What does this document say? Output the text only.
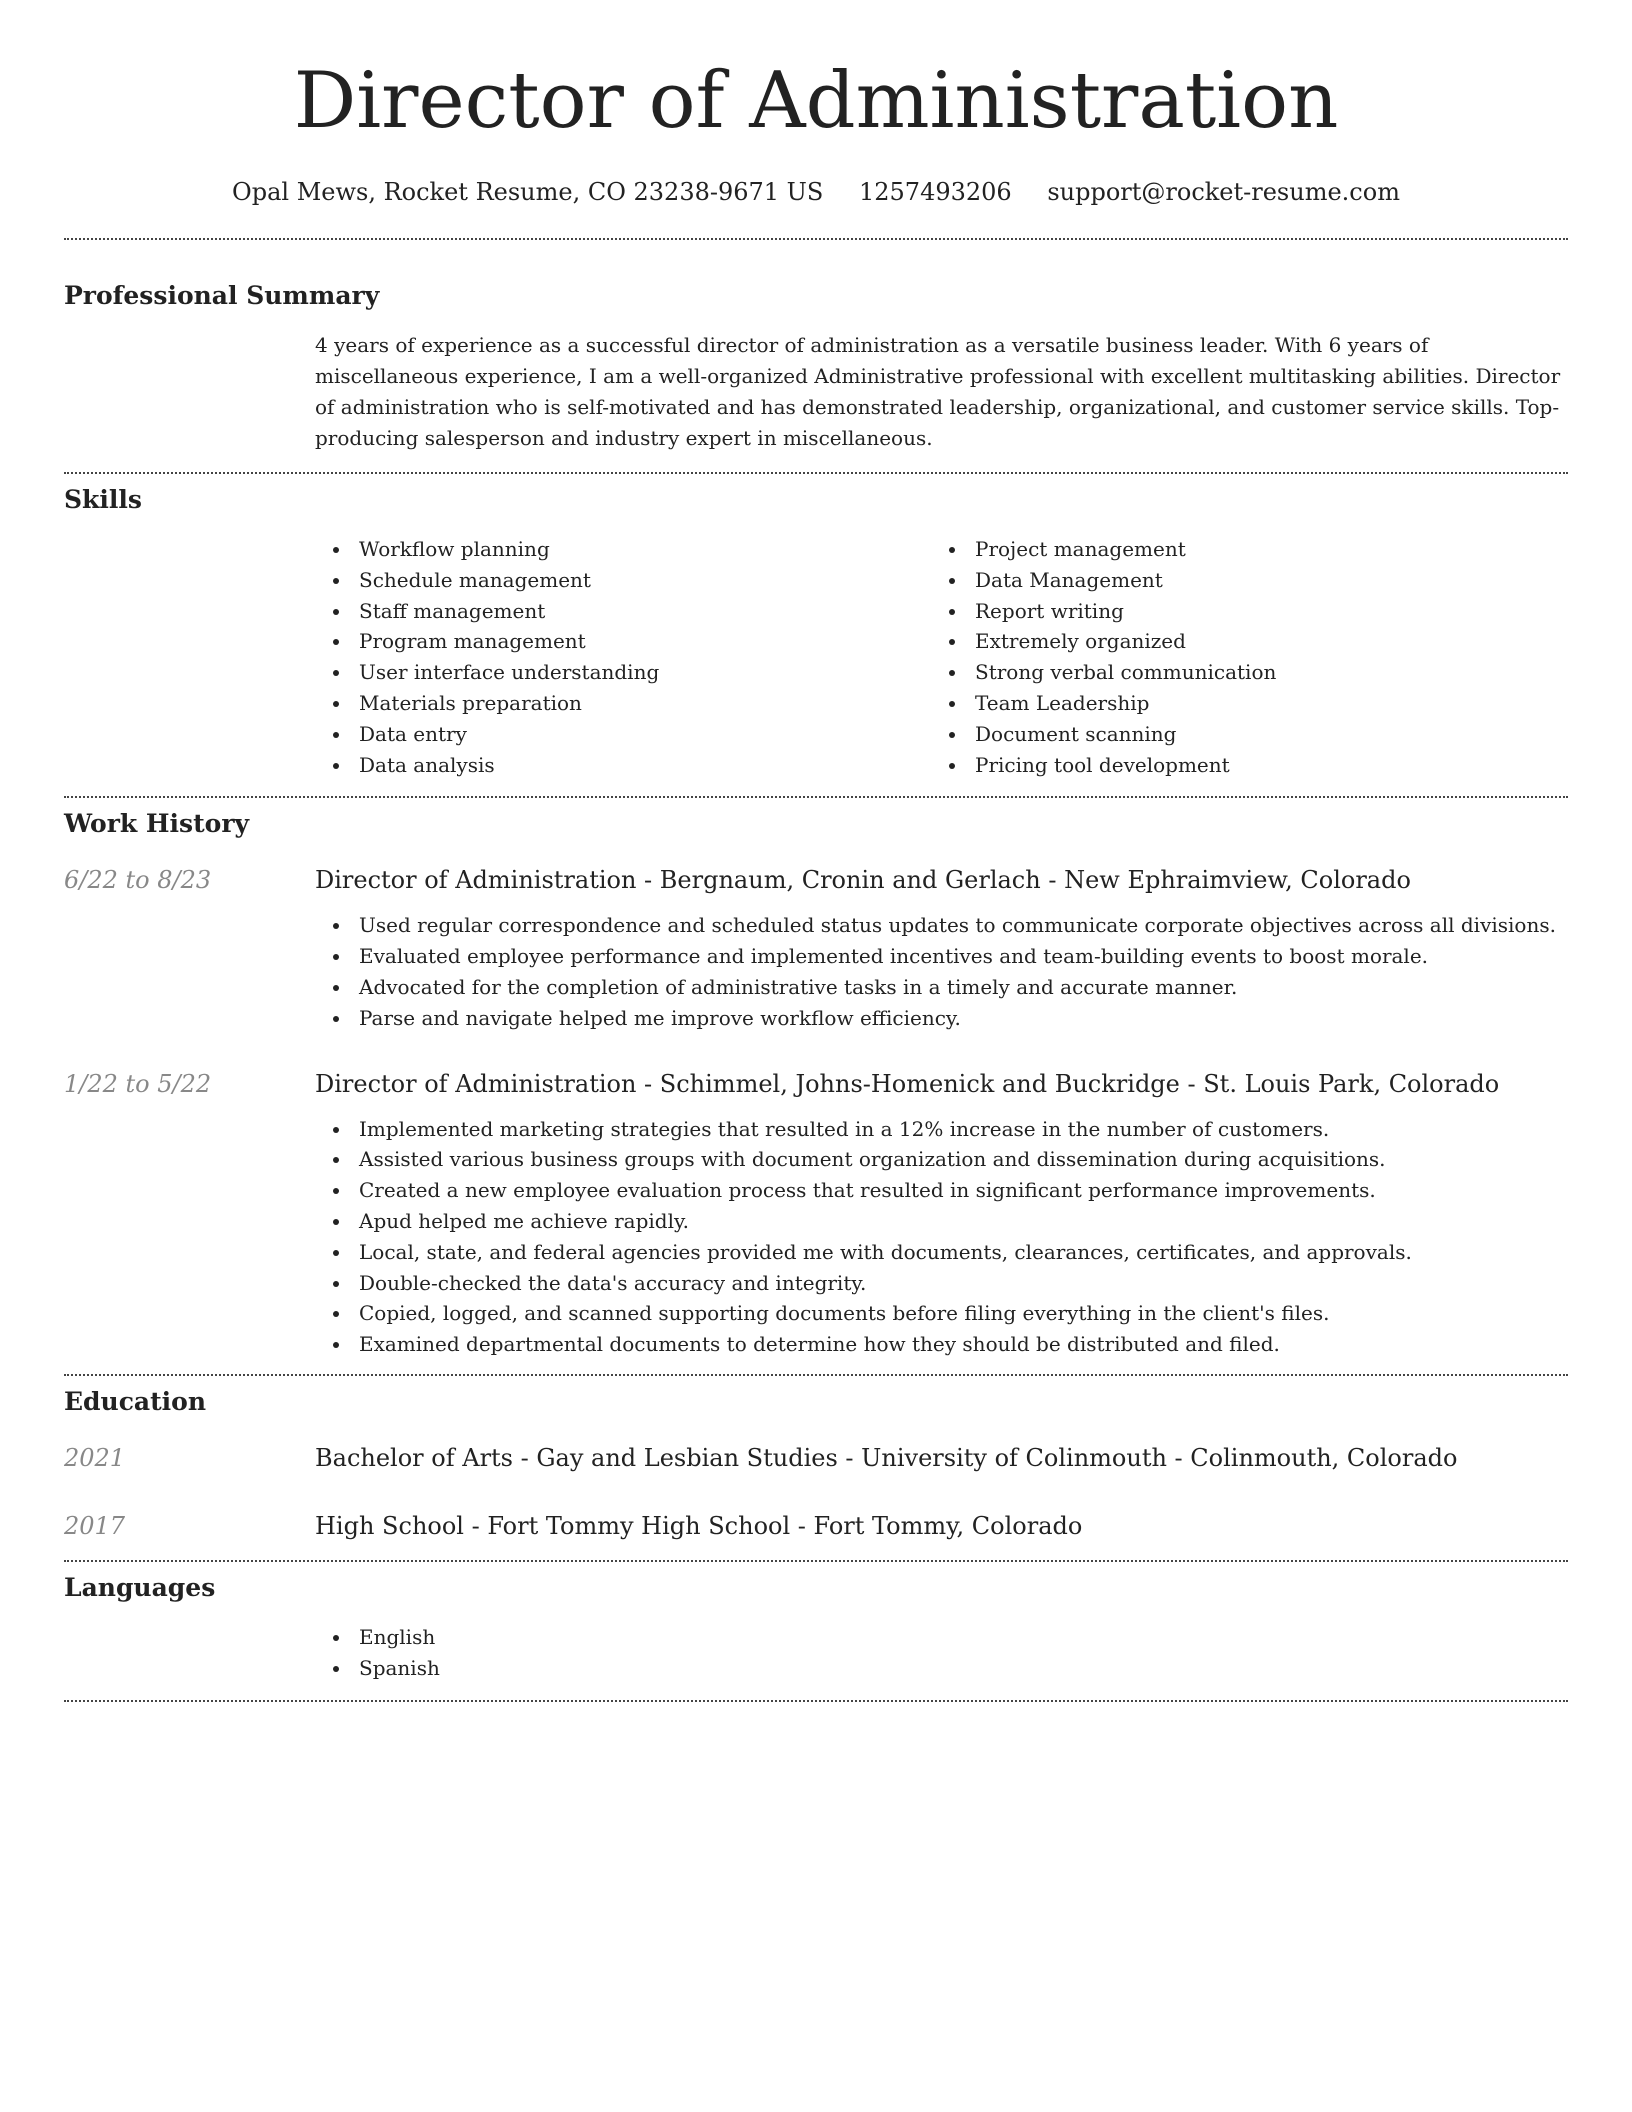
Director of Administration
Opal Mews, Rocket Resume, CO 23238-9671 US 1257493206 support@rocket-resume.com
Professional Summary

4 years of experience as a successful director of administration as a versatile business leader. With 6 years of miscellaneous experience, I am a well-organized Administrative professional with excellent multitasking abilities. Director of administration who is self-motivated and has demonstrated leadership, organizational, and customer service skills. Top-producing salesperson and industry expert in miscellaneous.

Skills
Workflow planning
Schedule management
Staff management
Program management
User interface understanding
Materials preparation
Data entry
Data analysis
Project management
Data Management
Report writing
Extremely organized
Strong verbal communication
Team Leadership
Document scanning
Pricing tool development
Work History
6/22 to 8/23	Director of Administration - Bergnaum, Cronin and Gerlach - New Ephraimview, Colorado
Used regular correspondence and scheduled status updates to communicate corporate objectives across all divisions.
Evaluated employee performance and implemented incentives and team-building events to boost morale.
Advocated for the completion of administrative tasks in a timely and accurate manner.
Parse and navigate helped me improve workflow efficiency.
1/22 to 5/22	Director of Administration - Schimmel, Johns-Homenick and Buckridge - St. Louis Park, Colorado
Implemented marketing strategies that resulted in a 12% increase in the number of customers.
Assisted various business groups with document organization and dissemination during acquisitions.
Created a new employee evaluation process that resulted in significant performance improvements.
Apud helped me achieve rapidly.
Local, state, and federal agencies provided me with documents, clearances, certificates, and approvals.
Double-checked the data's accuracy and integrity.
Copied, logged, and scanned supporting documents before filing everything in the client's files.
Examined departmental documents to determine how they should be distributed and filed.
Education
2021	Bachelor of Arts - Gay and Lesbian Studies - University of Colinmouth - Colinmouth, Colorado
2017	High School - Fort Tommy High School - Fort Tommy, Colorado
Languages
English
Spanish
